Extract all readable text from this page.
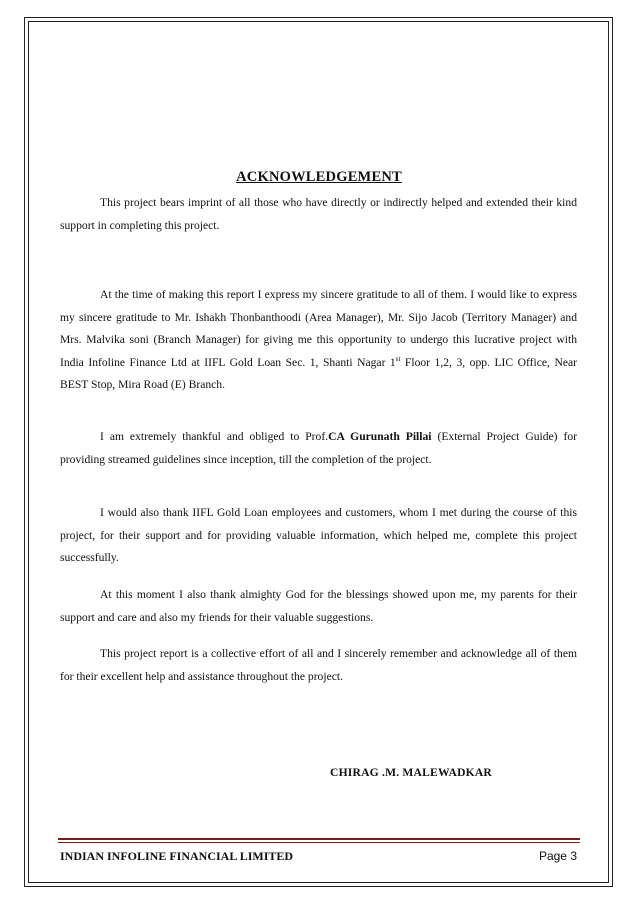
ACKNOWLEDGEMENT

This project bears imprint of all those who have directly or indirectly helped and extended their kind support in completing this project.

At the time of making this report I express my sincere gratitude to all of them. I would like to express my sincere gratitude to Mr. Ishakh Thonbanthoodi (Area Manager), Mr. Sijo Jacob (Territory Manager) and Mrs. Malvika soni (Branch Manager) for giving me this opportunity to undergo this lucrative project with India Infoline Finance Ltd at IIFL Gold Loan Sec. 1, Shanti Nagar 1st Floor 1,2, 3, opp. LIC Office, Near BEST Stop, Mira Road (E) Branch.

I am extremely thankful and obliged to Prof.CA Gurunath Pillai (External Project Guide) for providing streamed guidelines since inception, till the completion of the project.

I would also thank IIFL Gold Loan employees and customers, whom I met during the course of this project, for their support and for providing valuable information, which helped me, complete this project successfully.

At this moment I also thank almighty God for the blessings showed upon me, my parents for their support and care and also my friends for their valuable suggestions.

This project report is a collective effort of all and I sincerely remember and acknowledge all of them for their excellent help and assistance throughout the project.

CHIRAG .M. MALEWADKAR
INDIAN INFOLINE FINANCIAL LIMITED	Page 3
